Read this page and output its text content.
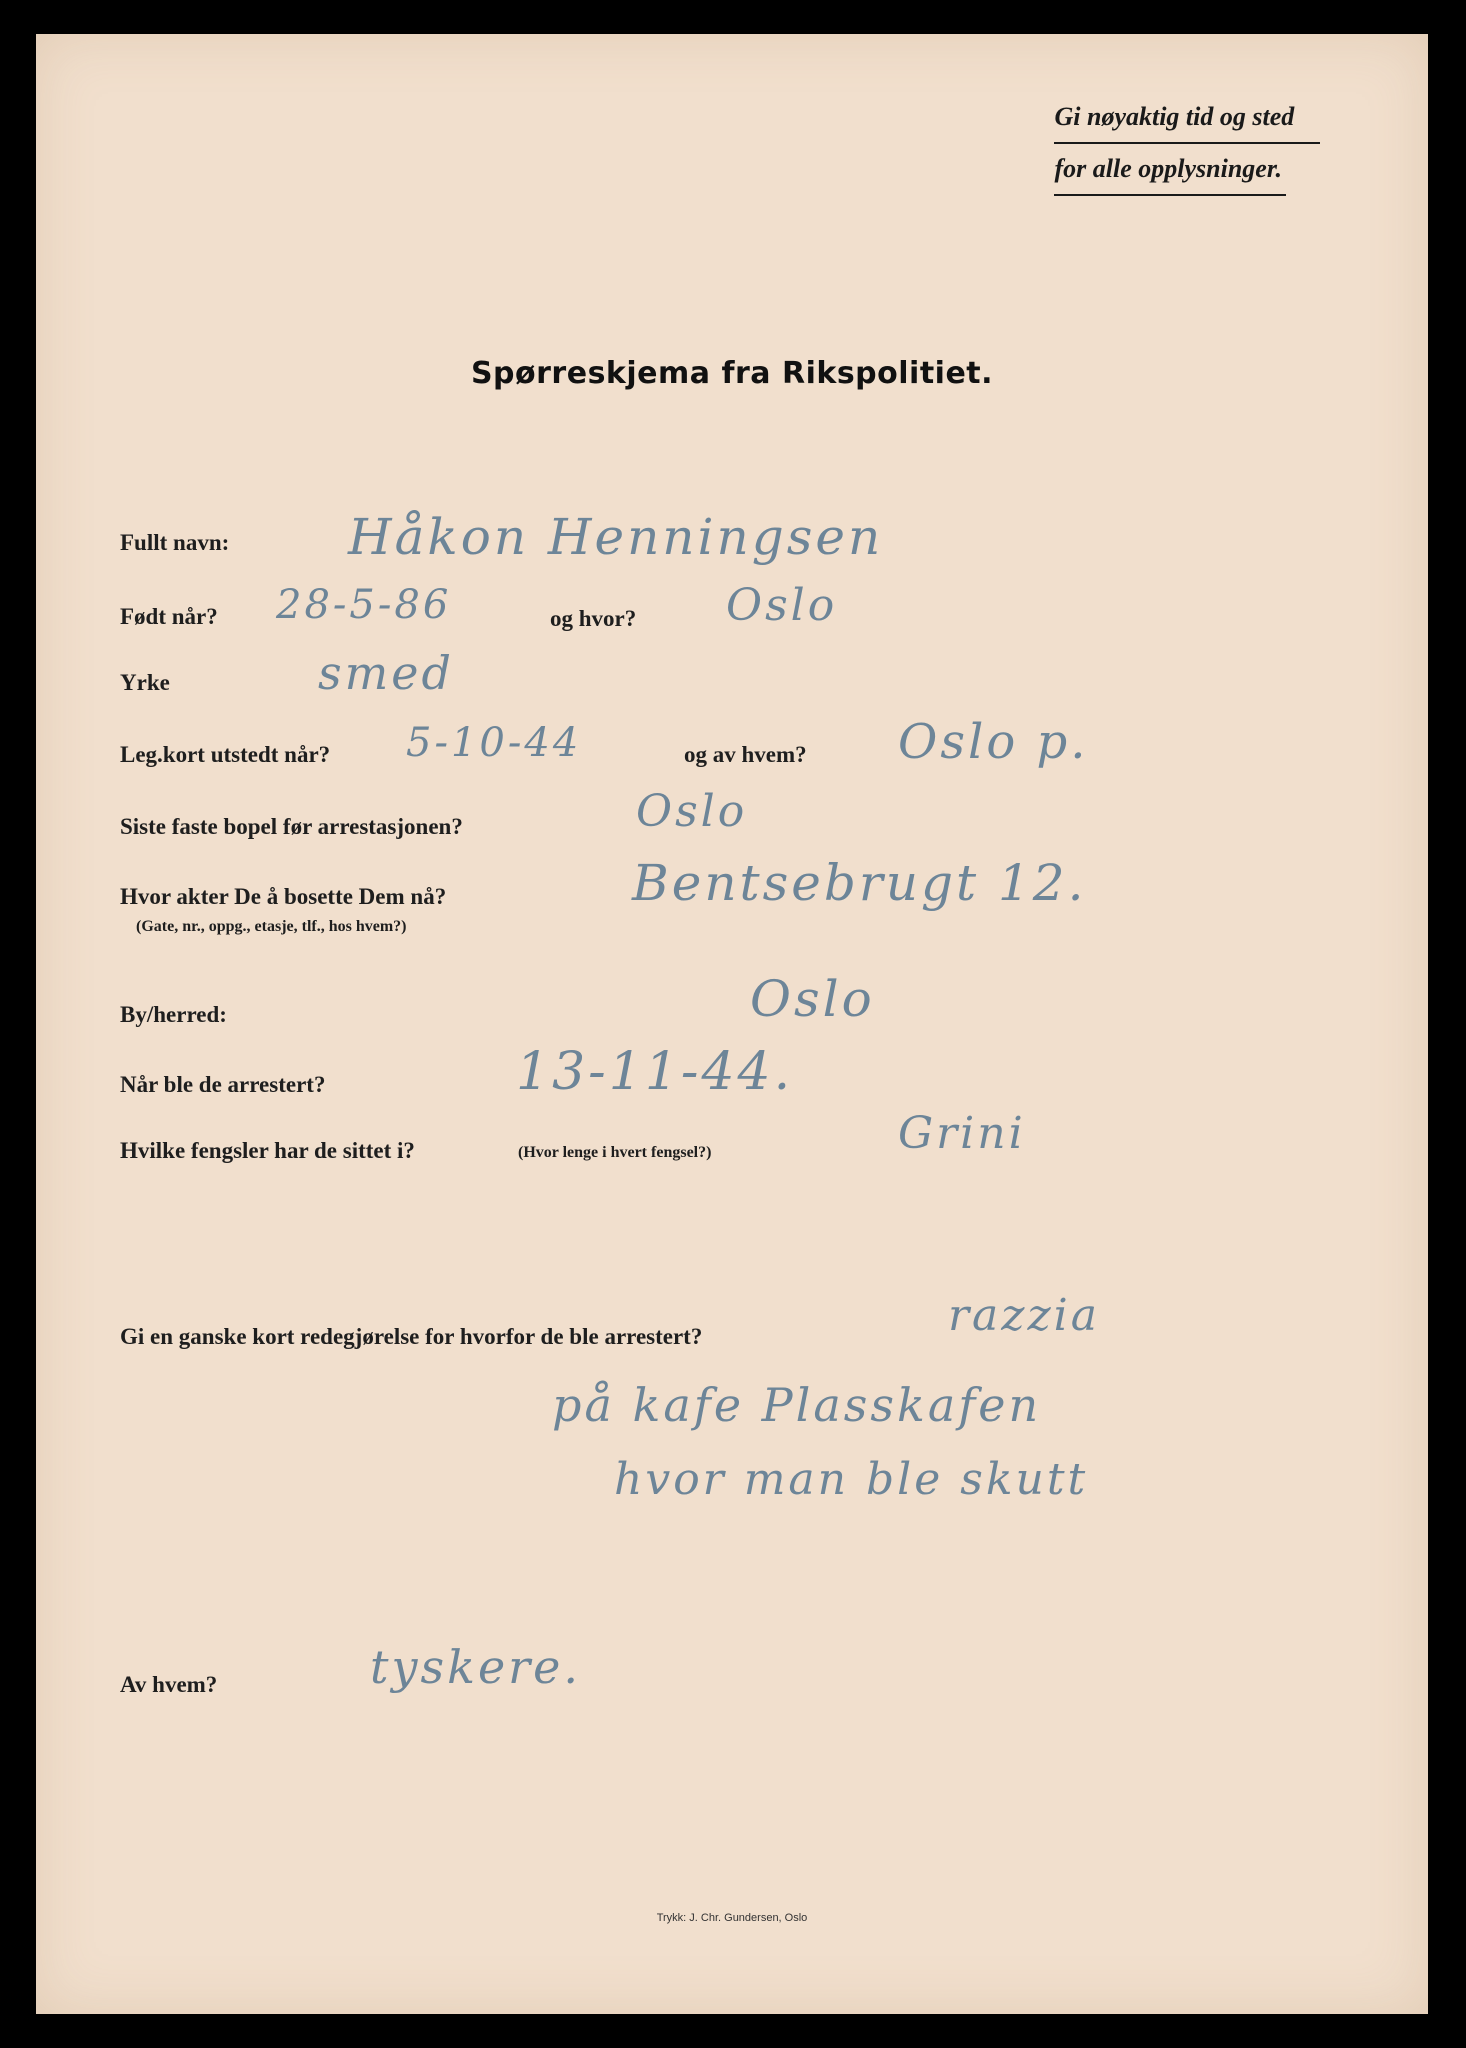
Gi nøyaktig tid og sted
for alle opplysninger.
Spørreskjema fra Rikspolitiet.
Fullt navn: Håkon Henningsen
Født når? 28-5-86	og hvor? Oslo
Yrke	smed
Leg.kort utstedt når? 5-10-44	og av hvem? Oslo p.
Siste faste bopel før arrestasjonen?	Oslo
Hvor akter De å bosette Dem nå?
(Gate, nr., oppg., etasje, tlf., hos hvem?)
Bentsebrugt 12.
By/herred:	Oslo
Når ble de arrestert?	13-11-44.
Hvilke fengsler har de sittet i?	(Hvor lenge i hvert fengsel?)	Grini
Gi en ganske kort redegjørelse for hvorfor de ble arrestert?	razzia
på kafe Plasskafen
hvor man ble skutt
Av hvem?	tyskere.
Trykk: J. Chr. Gundersen, Oslo
